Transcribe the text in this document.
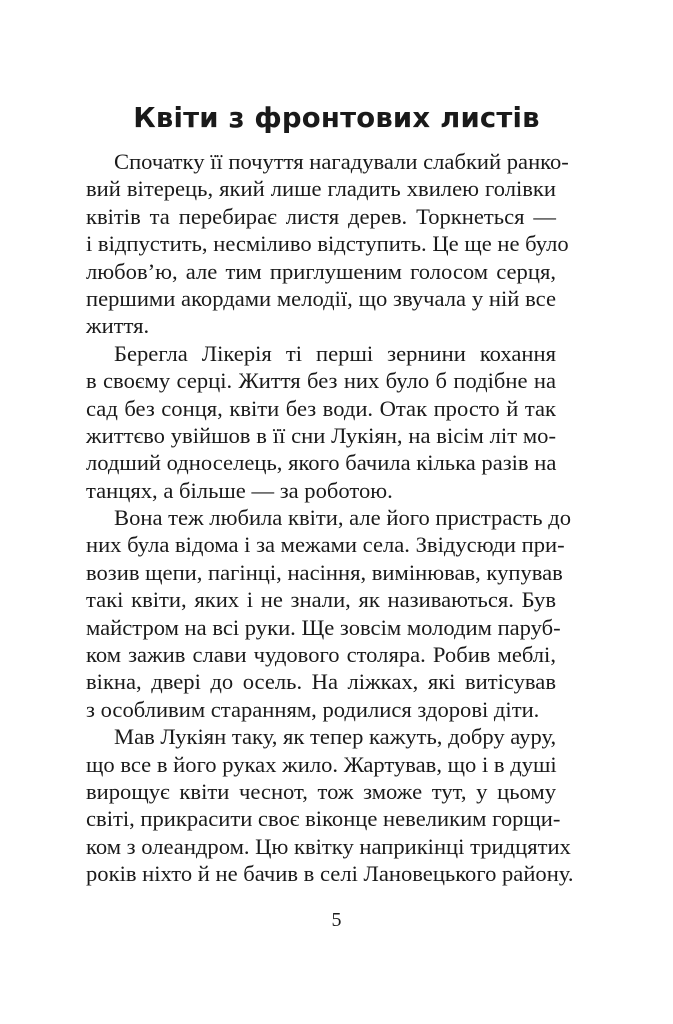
Квіти з фронтових листів
Спочатку її почуття нагадували слабкий ранко-
вий вітерець, який лише гладить хвилею голівки
квітів та перебирає листя дерев. Торкнеться —
і відпустить, несміливо відступить. Це ще не було
любов’ю, але тим приглушеним голосом серця,
першими акордами мелодії, що звучала у ній все
життя.
Берегла Лікерія ті перші зернини кохання
в своєму серці. Життя без них було б подібне на
сад без сонця, квіти без води. Отак просто й так
життєво увійшов в її сни Лукіян, на вісім літ мо-
лодший односелець, якого бачила кілька разів на
танцях, а більше — за роботою.
Вона теж любила квіти, але його пристрасть до
них була відома і за межами села. Звідусюди при-
возив щепи, пагінці, насіння, вимінював, купував
такі квіти, яких і не знали, як називаються. Був
майстром на всі руки. Ще зовсім молодим паруб-
ком зажив слави чудового столяра. Робив меблі,
вікна, двері до осель. На ліжках, які витісував
з особливим старанням, родилися здорові діти.
Мав Лукіян таку, як тепер кажуть, добру ауру,
що все в його руках жило. Жартував, що і в душі
вирощує квіти чеснот, тож зможе тут, у цьому
світі, прикрасити своє віконце невеликим горщи-
ком з олеандром. Цю квітку наприкінці тридцятих
років ніхто й не бачив в селі Лановецького району.
5
